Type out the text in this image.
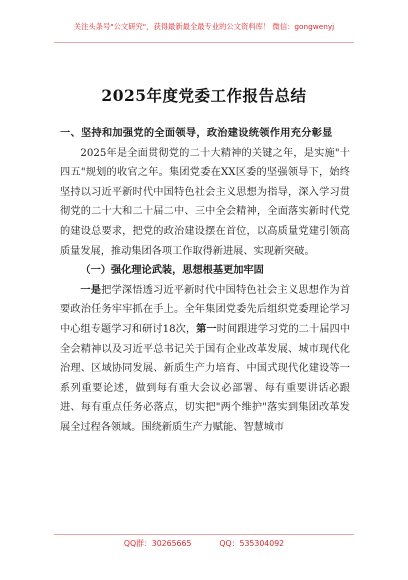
关注头条号"公文研究"，获得最新最全最专业的公文资料库！ 微信：gongwenyj
2025年度党委工作报告总结
一、坚持和加强党的全面领导，政治建设统领作用充分彰显
2025年是全面贯彻党的二十大精神的关键之年，是实施"十四五"规划的收官之年。集团党委在XX区委的坚强领导下，始终坚持以习近平新时代中国特色社会主义思想为指导，深入学习贯彻党的二十大和二十届二中、三中全会精神，全面落实新时代党的建设总要求，把党的政治建设摆在首位，以高质量党建引领高质量发展，推动集团各项工作取得新进展、实现新突破。
（一）强化理论武装，思想根基更加牢固
一是把学深悟透习近平新时代中国特色社会主义思想作为首要政治任务牢牢抓在手上。全年集团党委先后组织党委理论学习中心组专题学习和研讨18次，第一时间跟进学习党的二十届四中全会精神以及习近平总书记关于国有企业改革发展、城市现代化治理、区域协同发展、新质生产力培育、中国式现代化建设等一系列重要论述，做到每有重大会议必部署、每有重要讲话必跟进、每有重点任务必落点，切实把"两个维护"落实到集团改革发展全过程各领域。围绕新质生产力赋能、智慧城市
QQ群：30265665	QQ：535304092
